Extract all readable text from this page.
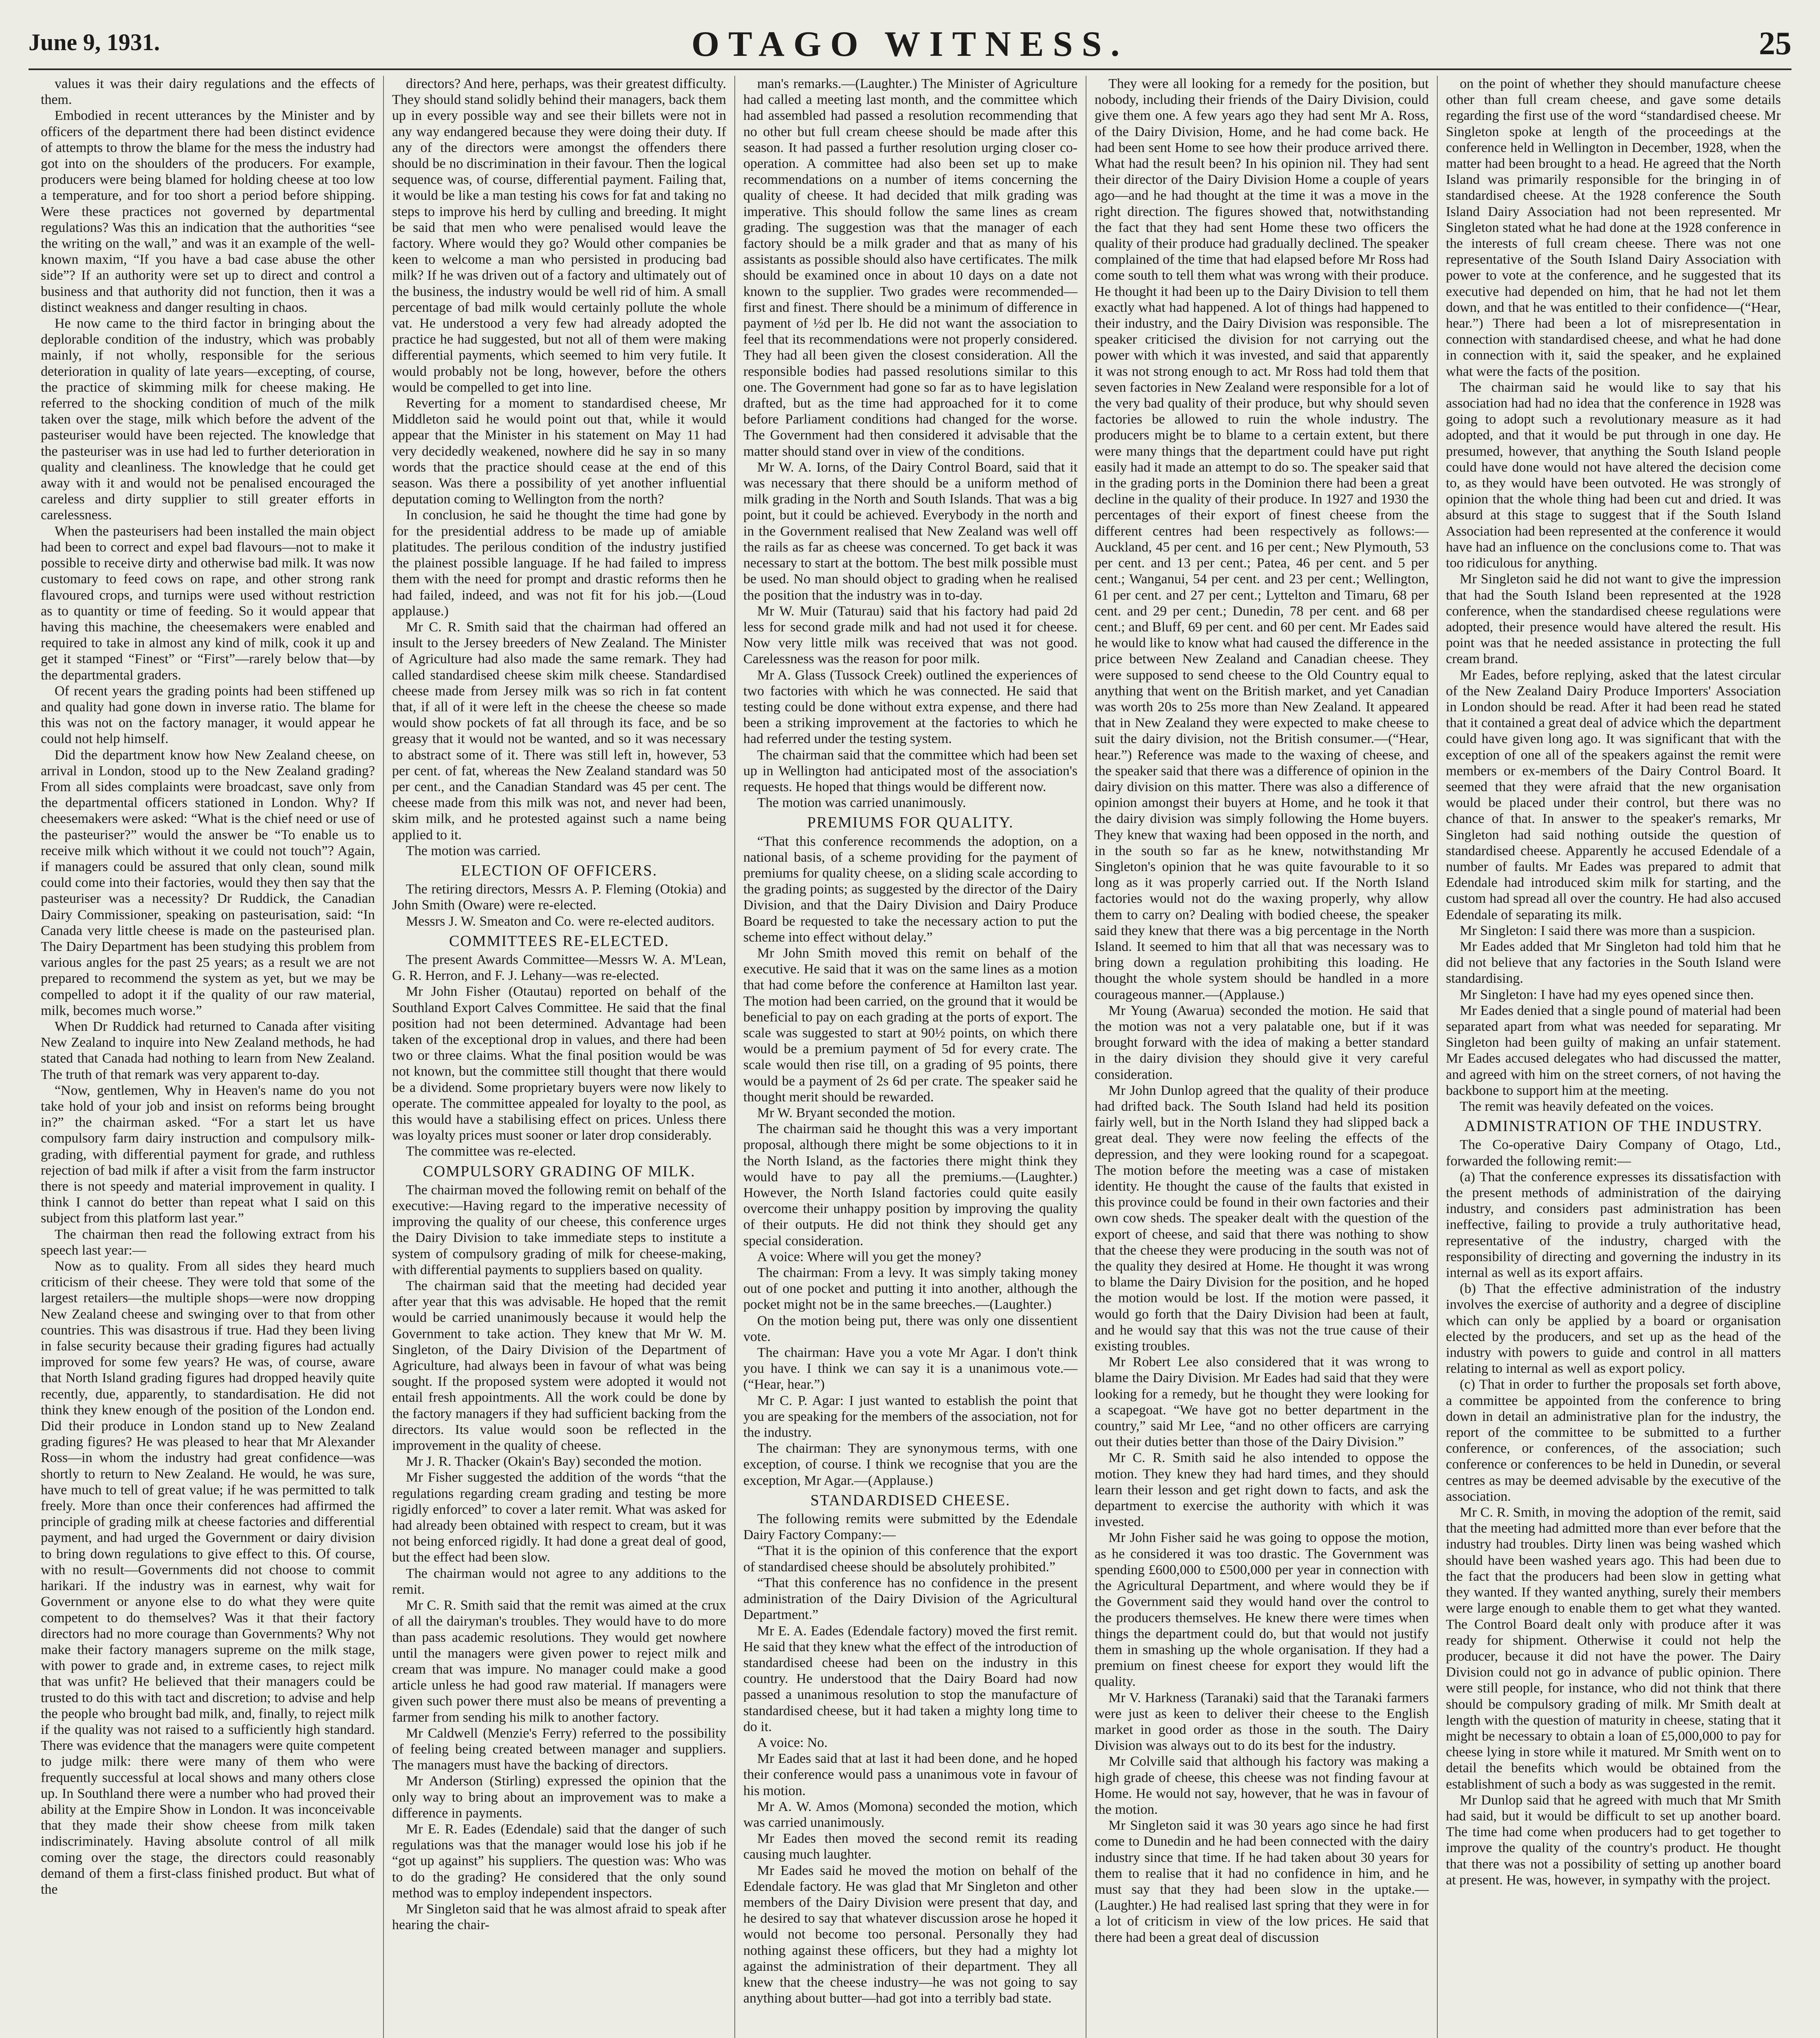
June 9, 1931.	OTAGO WITNESS.	25

values it was their dairy regulations and the effects of them.

Embodied in recent utterances by the Minister and by officers of the department there had been distinct evidence of attempts to throw the blame for the mess the industry had got into on the shoulders of the producers. For example, producers were being blamed for holding cheese at too low a temperature, and for too short a period before shipping. Were these practices not governed by departmental regulations? Was this an indication that the authorities “see the writing on the wall,” and was it an example of the well-known maxim, “If you have a bad case abuse the other side”? If an authority were set up to direct and control a business and that authority did not function, then it was a distinct weakness and danger resulting in chaos.

He now came to the third factor in bringing about the deplorable condition of the industry, which was probably mainly, if not wholly, responsible for the serious deterioration in quality of late years—excepting, of course, the practice of skimming milk for cheese making. He referred to the shocking condition of much of the milk taken over the stage, milk which before the advent of the pasteuriser would have been rejected. The knowledge that the pasteuriser was in use had led to further deterioration in quality and cleanliness. The knowledge that he could get away with it and would not be penalised encouraged the careless and dirty supplier to still greater efforts in carelessness.

When the pasteurisers had been installed the main object had been to correct and expel bad flavours—not to make it possible to receive dirty and otherwise bad milk. It was now customary to feed cows on rape, and other strong rank flavoured crops, and turnips were used without restriction as to quantity or time of feeding. So it would appear that having this machine, the cheesemakers were enabled and required to take in almost any kind of milk, cook it up and get it stamped “Finest” or “First”—rarely below that—by the departmental graders.

Of recent years the grading points had been stiffened up and quality had gone down in inverse ratio. The blame for this was not on the factory manager, it would appear he could not help himself.

Did the department know how New Zealand cheese, on arrival in London, stood up to the New Zealand grading? From all sides complaints were broadcast, save only from the departmental officers stationed in London. Why? If cheesemakers were asked: “What is the chief need or use of the pasteuriser?” would the answer be “To enable us to receive milk which without it we could not touch”? Again, if managers could be assured that only clean, sound milk could come into their factories, would they then say that the pasteuriser was a necessity? Dr Ruddick, the Canadian Dairy Commissioner, speaking on pasteurisation, said: “In Canada very little cheese is made on the pasteurised plan. The Dairy Department has been studying this problem from various angles for the past 25 years; as a result we are not prepared to recommend the system as yet, but we may be compelled to adopt it if the quality of our raw material, milk, becomes much worse.”

When Dr Ruddick had returned to Canada after visiting New Zealand to inquire into New Zealand methods, he had stated that Canada had nothing to learn from New Zealand. The truth of that remark was very apparent to-day.

“Now, gentlemen, Why in Heaven's name do you not take hold of your job and insist on reforms being brought in?” the chairman asked. “For a start let us have compulsory farm dairy instruction and compulsory milk-grading, with differential payment for grade, and ruthless rejection of bad milk if after a visit from the farm instructor there is not speedy and material improvement in quality. I think I cannot do better than repeat what I said on this subject from this platform last year.”

The chairman then read the following extract from his speech last year:—

Now as to quality. From all sides they heard much criticism of their cheese. They were told that some of the largest retailers—the multiple shops—were now dropping New Zealand cheese and swinging over to that from other countries. This was disastrous if true. Had they been living in false security because their grading figures had actually improved for some few years? He was, of course, aware that North Island grading figures had dropped heavily quite recently, due, apparently, to standardisation. He did not think they knew enough of the position of the London end. Did their produce in London stand up to New Zealand grading figures? He was pleased to hear that Mr Alexander Ross—in whom the industry had great confidence—was shortly to return to New Zealand. He would, he was sure, have much to tell of great value; if he was permitted to talk freely. More than once their conferences had affirmed the principle of grading milk at cheese factories and differential payment, and had urged the Government or dairy division to bring down regulations to give effect to this. Of course, with no result—Governments did not choose to commit harikari. If the industry was in earnest, why wait for Government or anyone else to do what they were quite competent to do themselves? Was it that their factory directors had no more courage than Governments? Why not make their factory managers supreme on the milk stage, with power to grade and, in extreme cases, to reject milk that was unfit? He believed that their managers could be trusted to do this with tact and discretion; to advise and help the people who brought bad milk, and, finally, to reject milk if the quality was not raised to a sufficiently high standard. There was evidence that the managers were quite competent to judge milk: there were many of them who were frequently successful at local shows and many others close up. In Southland there were a number who had proved their ability at the Empire Show in London. It was inconceivable that they made their show cheese from milk taken indiscriminately. Having absolute control of all milk coming over the stage, the directors could reasonably demand of them a first-class finished product. But what of the

directors? And here, perhaps, was their greatest difficulty. They should stand solidly behind their managers, back them up in every possible way and see their billets were not in any way endangered because they were doing their duty. If any of the directors were amongst the offenders there should be no discrimination in their favour. Then the logical sequence was, of course, differential payment. Failing that, it would be like a man testing his cows for fat and taking no steps to improve his herd by culling and breeding. It might be said that men who were penalised would leave the factory. Where would they go? Would other companies be keen to welcome a man who persisted in producing bad milk? If he was driven out of a factory and ultimately out of the business, the industry would be well rid of him. A small percentage of bad milk would certainly pollute the whole vat. He understood a very few had already adopted the practice he had suggested, but not all of them were making differential payments, which seemed to him very futile. It would probably not be long, however, before the others would be compelled to get into line.

Reverting for a moment to standardised cheese, Mr Middleton said he would point out that, while it would appear that the Minister in his statement on May 11 had very decidedly weakened, nowhere did he say in so many words that the practice should cease at the end of this season. Was there a possibility of yet another influential deputation coming to Wellington from the north?

In conclusion, he said he thought the time had gone by for the presidential address to be made up of amiable platitudes. The perilous condition of the industry justified the plainest possible language. If he had failed to impress them with the need for prompt and drastic reforms then he had failed, indeed, and was not fit for his job.—(Loud applause.)

Mr C. R. Smith said that the chairman had offered an insult to the Jersey breeders of New Zealand. The Minister of Agriculture had also made the same remark. They had called standardised cheese skim milk cheese. Standardised cheese made from Jersey milk was so rich in fat content that, if all of it were left in the cheese the cheese so made would show pockets of fat all through its face, and be so greasy that it would not be wanted, and so it was necessary to abstract some of it. There was still left in, however, 53 per cent. of fat, whereas the New Zealand standard was 50 per cent., and the Canadian Standard was 45 per cent. The cheese made from this milk was not, and never had been, skim milk, and he protested against such a name being applied to it.

The motion was carried.

ELECTION OF OFFICERS.

The retiring directors, Messrs A. P. Fleming (Otokia) and John Smith (Oware) were re-elected.

Messrs J. W. Smeaton and Co. were re-elected auditors.

COMMITTEES RE-ELECTED.

The present Awards Committee—Messrs W. A. M'Lean, G. R. Herron, and F. J. Lehany—was re-elected.

Mr John Fisher (Otautau) reported on behalf of the Southland Export Calves Committee. He said that the final position had not been determined. Advantage had been taken of the exceptional drop in values, and there had been two or three claims. What the final position would be was not known, but the committee still thought that there would be a dividend. Some proprietary buyers were now likely to operate. The committee appealed for loyalty to the pool, as this would have a stabilising effect on prices. Unless there was loyalty prices must sooner or later drop considerably.

The committee was re-elected.

COMPULSORY GRADING OF MILK.

The chairman moved the following remit on behalf of the executive:—Having regard to the imperative necessity of improving the quality of our cheese, this conference urges the Dairy Division to take immediate steps to institute a system of compulsory grading of milk for cheese-making, with differential payments to suppliers based on quality.

The chairman said that the meeting had decided year after year that this was advisable. He hoped that the remit would be carried unanimously because it would help the Government to take action. They knew that Mr W. M. Singleton, of the Dairy Division of the Department of Agriculture, had always been in favour of what was being sought. If the proposed system were adopted it would not entail fresh appointments. All the work could be done by the factory managers if they had sufficient backing from the directors. Its value would soon be reflected in the improvement in the quality of cheese.

Mr J. R. Thacker (Okain's Bay) seconded the motion.

Mr Fisher suggested the addition of the words “that the regulations regarding cream grading and testing be more rigidly enforced” to cover a later remit. What was asked for had already been obtained with respect to cream, but it was not being enforced rigidly. It had done a great deal of good, but the effect had been slow.

The chairman would not agree to any additions to the remit.

Mr C. R. Smith said that the remit was aimed at the crux of all the dairyman's troubles. They would have to do more than pass academic resolutions. They would get nowhere until the managers were given power to reject milk and cream that was impure. No manager could make a good article unless he had good raw material. If managers were given such power there must also be means of preventing a farmer from sending his milk to another factory.

Mr Caldwell (Menzie's Ferry) referred to the possibility of feeling being created between manager and suppliers. The managers must have the backing of directors.

Mr Anderson (Stirling) expressed the opinion that the only way to bring about an improvement was to make a difference in payments.

Mr E. R. Eades (Edendale) said that the danger of such regulations was that the manager would lose his job if he “got up against” his suppliers. The question was: Who was to do the grading? He considered that the only sound method was to employ independent inspectors.

Mr Singleton said that he was almost afraid to speak after hearing the chair-

man's remarks.—(Laughter.) The Minister of Agriculture had called a meeting last month, and the committee which had assembled had passed a resolution recommending that no other but full cream cheese should be made after this season. It had passed a further resolution urging closer co-operation. A committee had also been set up to make recommendations on a number of items concerning the quality of cheese. It had decided that milk grading was imperative. This should follow the same lines as cream grading. The suggestion was that the manager of each factory should be a milk grader and that as many of his assistants as possible should also have certificates. The milk should be examined once in about 10 days on a date not known to the supplier. Two grades were recommended—first and finest. There should be a minimum of difference in payment of ½d per lb. He did not want the association to feel that its recommendations were not properly considered. They had all been given the closest consideration. All the responsible bodies had passed resolutions similar to this one. The Government had gone so far as to have legislation drafted, but as the time had approached for it to come before Parliament conditions had changed for the worse. The Government had then considered it advisable that the matter should stand over in view of the conditions.

Mr W. A. Iorns, of the Dairy Control Board, said that it was necessary that there should be a uniform method of milk grading in the North and South Islands. That was a big point, but it could be achieved. Everybody in the north and in the Government realised that New Zealand was well off the rails as far as cheese was concerned. To get back it was necessary to start at the bottom. The best milk possible must be used. No man should object to grading when he realised the position that the industry was in to-day.

Mr W. Muir (Taturau) said that his factory had paid 2d less for second grade milk and had not used it for cheese. Now very little milk was received that was not good. Carelessness was the reason for poor milk.

Mr A. Glass (Tussock Creek) outlined the experiences of two factories with which he was connected. He said that testing could be done without extra expense, and there had been a striking improvement at the factories to which he had referred under the testing system.

The chairman said that the committee which had been set up in Wellington had anticipated most of the association's requests. He hoped that things would be different now.

The motion was carried unanimously.

PREMIUMS FOR QUALITY.

“That this conference recommends the adoption, on a national basis, of a scheme providing for the payment of premiums for quality cheese, on a sliding scale according to the grading points; as suggested by the director of the Dairy Division, and that the Dairy Division and Dairy Produce Board be requested to take the necessary action to put the scheme into effect without delay.”

Mr John Smith moved this remit on behalf of the executive. He said that it was on the same lines as a motion that had come before the conference at Hamilton last year. The motion had been carried, on the ground that it would be beneficial to pay on each grading at the ports of export. The scale was suggested to start at 90½ points, on which there would be a premium payment of 5d for every crate. The scale would then rise till, on a grading of 95 points, there would be a payment of 2s 6d per crate. The speaker said he thought merit should be rewarded.

Mr W. Bryant seconded the motion.

The chairman said he thought this was a very important proposal, although there might be some objections to it in the North Island, as the factories there might think they would have to pay all the premiums.—(Laughter.) However, the North Island factories could quite easily overcome their unhappy position by improving the quality of their outputs. He did not think they should get any special consideration.

A voice: Where will you get the money?

The chairman: From a levy. It was simply taking money out of one pocket and putting it into another, although the pocket might not be in the same breeches.—(Laughter.)

On the motion being put, there was only one dissentient vote.

The chairman: Have you a vote Mr Agar. I don't think you have. I think we can say it is a unanimous vote.—(“Hear, hear.”)

Mr C. P. Agar: I just wanted to establish the point that you are speaking for the members of the association, not for the industry.

The chairman: They are synonymous terms, with one exception, of course. I think we recognise that you are the exception, Mr Agar.—(Applause.)

STANDARDISED CHEESE.

The following remits were submitted by the Edendale Dairy Factory Company:—

“That it is the opinion of this conference that the export of standardised cheese should be absolutely prohibited.”

“That this conference has no confidence in the present administration of the Dairy Division of the Agricultural Department.”

Mr E. A. Eades (Edendale factory) moved the first remit. He said that they knew what the effect of the introduction of standardised cheese had been on the industry in this country. He understood that the Dairy Board had now passed a unanimous resolution to stop the manufacture of standardised cheese, but it had taken a mighty long time to do it.

A voice: No.

Mr Eades said that at last it had been done, and he hoped their conference would pass a unanimous vote in favour of his motion.

Mr A. W. Amos (Momona) seconded the motion, which was carried unanimously.

Mr Eades then moved the second remit its reading causing much laughter.

Mr Eades said he moved the motion on behalf of the Edendale factory. He was glad that Mr Singleton and other members of the Dairy Division were present that day, and he desired to say that whatever discussion arose he hoped it would not become too personal. Personally they had nothing against these officers, but they had a mighty lot against the administration of their department. They all knew that the cheese industry—he was not going to say anything about butter—had got into a terribly bad state.

They were all looking for a remedy for the position, but nobody, including their friends of the Dairy Division, could give them one. A few years ago they had sent Mr A. Ross, of the Dairy Division, Home, and he had come back. He had been sent Home to see how their produce arrived there. What had the result been? In his opinion nil. They had sent their director of the Dairy Division Home a couple of years ago—and he had thought at the time it was a move in the right direction. The figures showed that, notwithstanding the fact that they had sent Home these two officers the quality of their produce had gradually declined. The speaker complained of the time that had elapsed before Mr Ross had come south to tell them what was wrong with their produce. He thought it had been up to the Dairy Division to tell them exactly what had happened. A lot of things had happened to their industry, and the Dairy Division was responsible. The speaker criticised the division for not carrying out the power with which it was invested, and said that apparently it was not strong enough to act. Mr Ross had told them that seven factories in New Zealand were responsible for a lot of the very bad quality of their produce, but why should seven factories be allowed to ruin the whole industry. The producers might be to blame to a certain extent, but there were many things that the department could have put right easily had it made an attempt to do so. The speaker said that in the grading ports in the Dominion there had been a great decline in the quality of their produce. In 1927 and 1930 the percentages of their export of finest cheese from the different centres had been respectively as follows:—Auckland, 45 per cent. and 16 per cent.; New Plymouth, 53 per cent. and 13 per cent.; Patea, 46 per cent. and 5 per cent.; Wanganui, 54 per cent. and 23 per cent.; Wellington, 61 per cent. and 27 per cent.; Lyttelton and Timaru, 68 per cent. and 29 per cent.; Dunedin, 78 per cent. and 68 per cent.; and Bluff, 69 per cent. and 60 per cent. Mr Eades said he would like to know what had caused the difference in the price between New Zealand and Canadian cheese. They were supposed to send cheese to the Old Country equal to anything that went on the British market, and yet Canadian was worth 20s to 25s more than New Zealand. It appeared that in New Zealand they were expected to make cheese to suit the dairy division, not the British consumer.—(“Hear, hear.”) Reference was made to the waxing of cheese, and the speaker said that there was a difference of opinion in the dairy division on this matter. There was also a difference of opinion amongst their buyers at Home, and he took it that the dairy division was simply following the Home buyers. They knew that waxing had been opposed in the north, and in the south so far as he knew, notwithstanding Mr Singleton's opinion that he was quite favourable to it so long as it was properly carried out. If the North Island factories would not do the waxing properly, why allow them to carry on? Dealing with bodied cheese, the speaker said they knew that there was a big percentage in the North Island. It seemed to him that all that was necessary was to bring down a regulation prohibiting this loading. He thought the whole system should be handled in a more courageous manner.—(Applause.)

Mr Young (Awarua) seconded the motion. He said that the motion was not a very palatable one, but if it was brought forward with the idea of making a better standard in the dairy division they should give it very careful consideration.

Mr John Dunlop agreed that the quality of their produce had drifted back. The South Island had held its position fairly well, but in the North Island they had slipped back a great deal. They were now feeling the effects of the depression, and they were looking round for a scapegoat. The motion before the meeting was a case of mistaken identity. He thought the cause of the faults that existed in this province could be found in their own factories and their own cow sheds. The speaker dealt with the question of the export of cheese, and said that there was nothing to show that the cheese they were producing in the south was not of the quality they desired at Home. He thought it was wrong to blame the Dairy Division for the position, and he hoped the motion would be lost. If the motion were passed, it would go forth that the Dairy Division had been at fault, and he would say that this was not the true cause of their existing troubles.

Mr Robert Lee also considered that it was wrong to blame the Dairy Division. Mr Eades had said that they were looking for a remedy, but he thought they were looking for a scapegoat. “We have got no better department in the country,” said Mr Lee, “and no other officers are carrying out their duties better than those of the Dairy Division.”

Mr C. R. Smith said he also intended to oppose the motion. They knew they had hard times, and they should learn their lesson and get right down to facts, and ask the department to exercise the authority with which it was invested.

Mr John Fisher said he was going to oppose the motion, as he considered it was too drastic. The Government was spending £600,000 to £500,000 per year in connection with the Agricultural Department, and where would they be if the Government said they would hand over the control to the producers themselves. He knew there were times when things the department could do, but that would not justify them in smashing up the whole organisation. If they had a premium on finest cheese for export they would lift the quality.

Mr V. Harkness (Taranaki) said that the Taranaki farmers were just as keen to deliver their cheese to the English market in good order as those in the south. The Dairy Division was always out to do its best for the industry.

Mr Colville said that although his factory was making a high grade of cheese, this cheese was not finding favour at Home. He would not say, however, that he was in favour of the motion.

Mr Singleton said it was 30 years ago since he had first come to Dunedin and he had been connected with the dairy industry since that time. If he had taken about 30 years for them to realise that it had no confidence in him, and he must say that they had been slow in the uptake.—(Laughter.) He had realised last spring that they were in for a lot of criticism in view of the low prices. He said that there had been a great deal of discussion

on the point of whether they should manufacture cheese other than full cream cheese, and gave some details regarding the first use of the word “standardised cheese. Mr Singleton spoke at length of the proceedings at the conference held in Wellington in December, 1928, when the matter had been brought to a head. He agreed that the North Island was primarily responsible for the bringing in of standardised cheese. At the 1928 conference the South Island Dairy Association had not been represented. Mr Singleton stated what he had done at the 1928 conference in the interests of full cream cheese. There was not one representative of the South Island Dairy Association with power to vote at the conference, and he suggested that its executive had depended on him, that he had not let them down, and that he was entitled to their confidence—(“Hear, hear.”) There had been a lot of misrepresentation in connection with standardised cheese, and what he had done in connection with it, said the speaker, and he explained what were the facts of the position.

The chairman said he would like to say that his association had had no idea that the conference in 1928 was going to adopt such a revolutionary measure as it had adopted, and that it would be put through in one day. He presumed, however, that anything the South Island people could have done would not have altered the decision come to, as they would have been outvoted. He was strongly of opinion that the whole thing had been cut and dried. It was absurd at this stage to suggest that if the South Island Association had been represented at the conference it would have had an influence on the conclusions come to. That was too ridiculous for anything.

Mr Singleton said he did not want to give the impression that had the South Island been represented at the 1928 conference, when the standardised cheese regulations were adopted, their presence would have altered the result. His point was that he needed assistance in protecting the full cream brand.

Mr Eades, before replying, asked that the latest circular of the New Zealand Dairy Produce Importers' Association in London should be read. After it had been read he stated that it contained a great deal of advice which the department could have given long ago. It was significant that with the exception of one all of the speakers against the remit were members or ex-members of the Dairy Control Board. It seemed that they were afraid that the new organisation would be placed under their control, but there was no chance of that. In answer to the speaker's remarks, Mr Singleton had said nothing outside the question of standardised cheese. Apparently he accused Edendale of a number of faults. Mr Eades was prepared to admit that Edendale had introduced skim milk for starting, and the custom had spread all over the country. He had also accused Edendale of separating its milk.

Mr Singleton: I said there was more than a suspicion.

Mr Eades added that Mr Singleton had told him that he did not believe that any factories in the South Island were standardising.

Mr Singleton: I have had my eyes opened since then.

Mr Eades denied that a single pound of material had been separated apart from what was needed for separating. Mr Singleton had been guilty of making an unfair statement. Mr Eades accused delegates who had discussed the matter, and agreed with him on the street corners, of not having the backbone to support him at the meeting.

The remit was heavily defeated on the voices.

ADMINISTRATION OF THE INDUSTRY.

The Co-operative Dairy Company of Otago, Ltd., forwarded the following remit:—

(a) That the conference expresses its dissatisfaction with the present methods of administration of the dairying industry, and considers past administration has been ineffective, failing to provide a truly authoritative head, representative of the industry, charged with the responsibility of directing and governing the industry in its internal as well as its export affairs.

(b) That the effective administration of the industry involves the exercise of authority and a degree of discipline which can only be applied by a board or organisation elected by the producers, and set up as the head of the industry with powers to guide and control in all matters relating to internal as well as export policy.

(c) That in order to further the proposals set forth above, a committee be appointed from the conference to bring down in detail an administrative plan for the industry, the report of the committee to be submitted to a further conference, or conferences, of the association; such conference or conferences to be held in Dunedin, or several centres as may be deemed advisable by the executive of the association.

Mr C. R. Smith, in moving the adoption of the remit, said that the meeting had admitted more than ever before that the industry had troubles. Dirty linen was being washed which should have been washed years ago. This had been due to the fact that the producers had been slow in getting what they wanted. If they wanted anything, surely their members were large enough to enable them to get what they wanted. The Control Board dealt only with produce after it was ready for shipment. Otherwise it could not help the producer, because it did not have the power. The Dairy Division could not go in advance of public opinion. There were still people, for instance, who did not think that there should be compulsory grading of milk. Mr Smith dealt at length with the question of maturity in cheese, stating that it might be necessary to obtain a loan of £5,000,000 to pay for cheese lying in store while it matured. Mr Smith went on to detail the benefits which would be obtained from the establishment of such a body as was suggested in the remit.

Mr Dunlop said that he agreed with much that Mr Smith had said, but it would be difficult to set up another board. The time had come when producers had to get together to improve the quality of the country's product. He thought that there was not a possibility of setting up another board at present. He was, however, in sympathy with the project.
